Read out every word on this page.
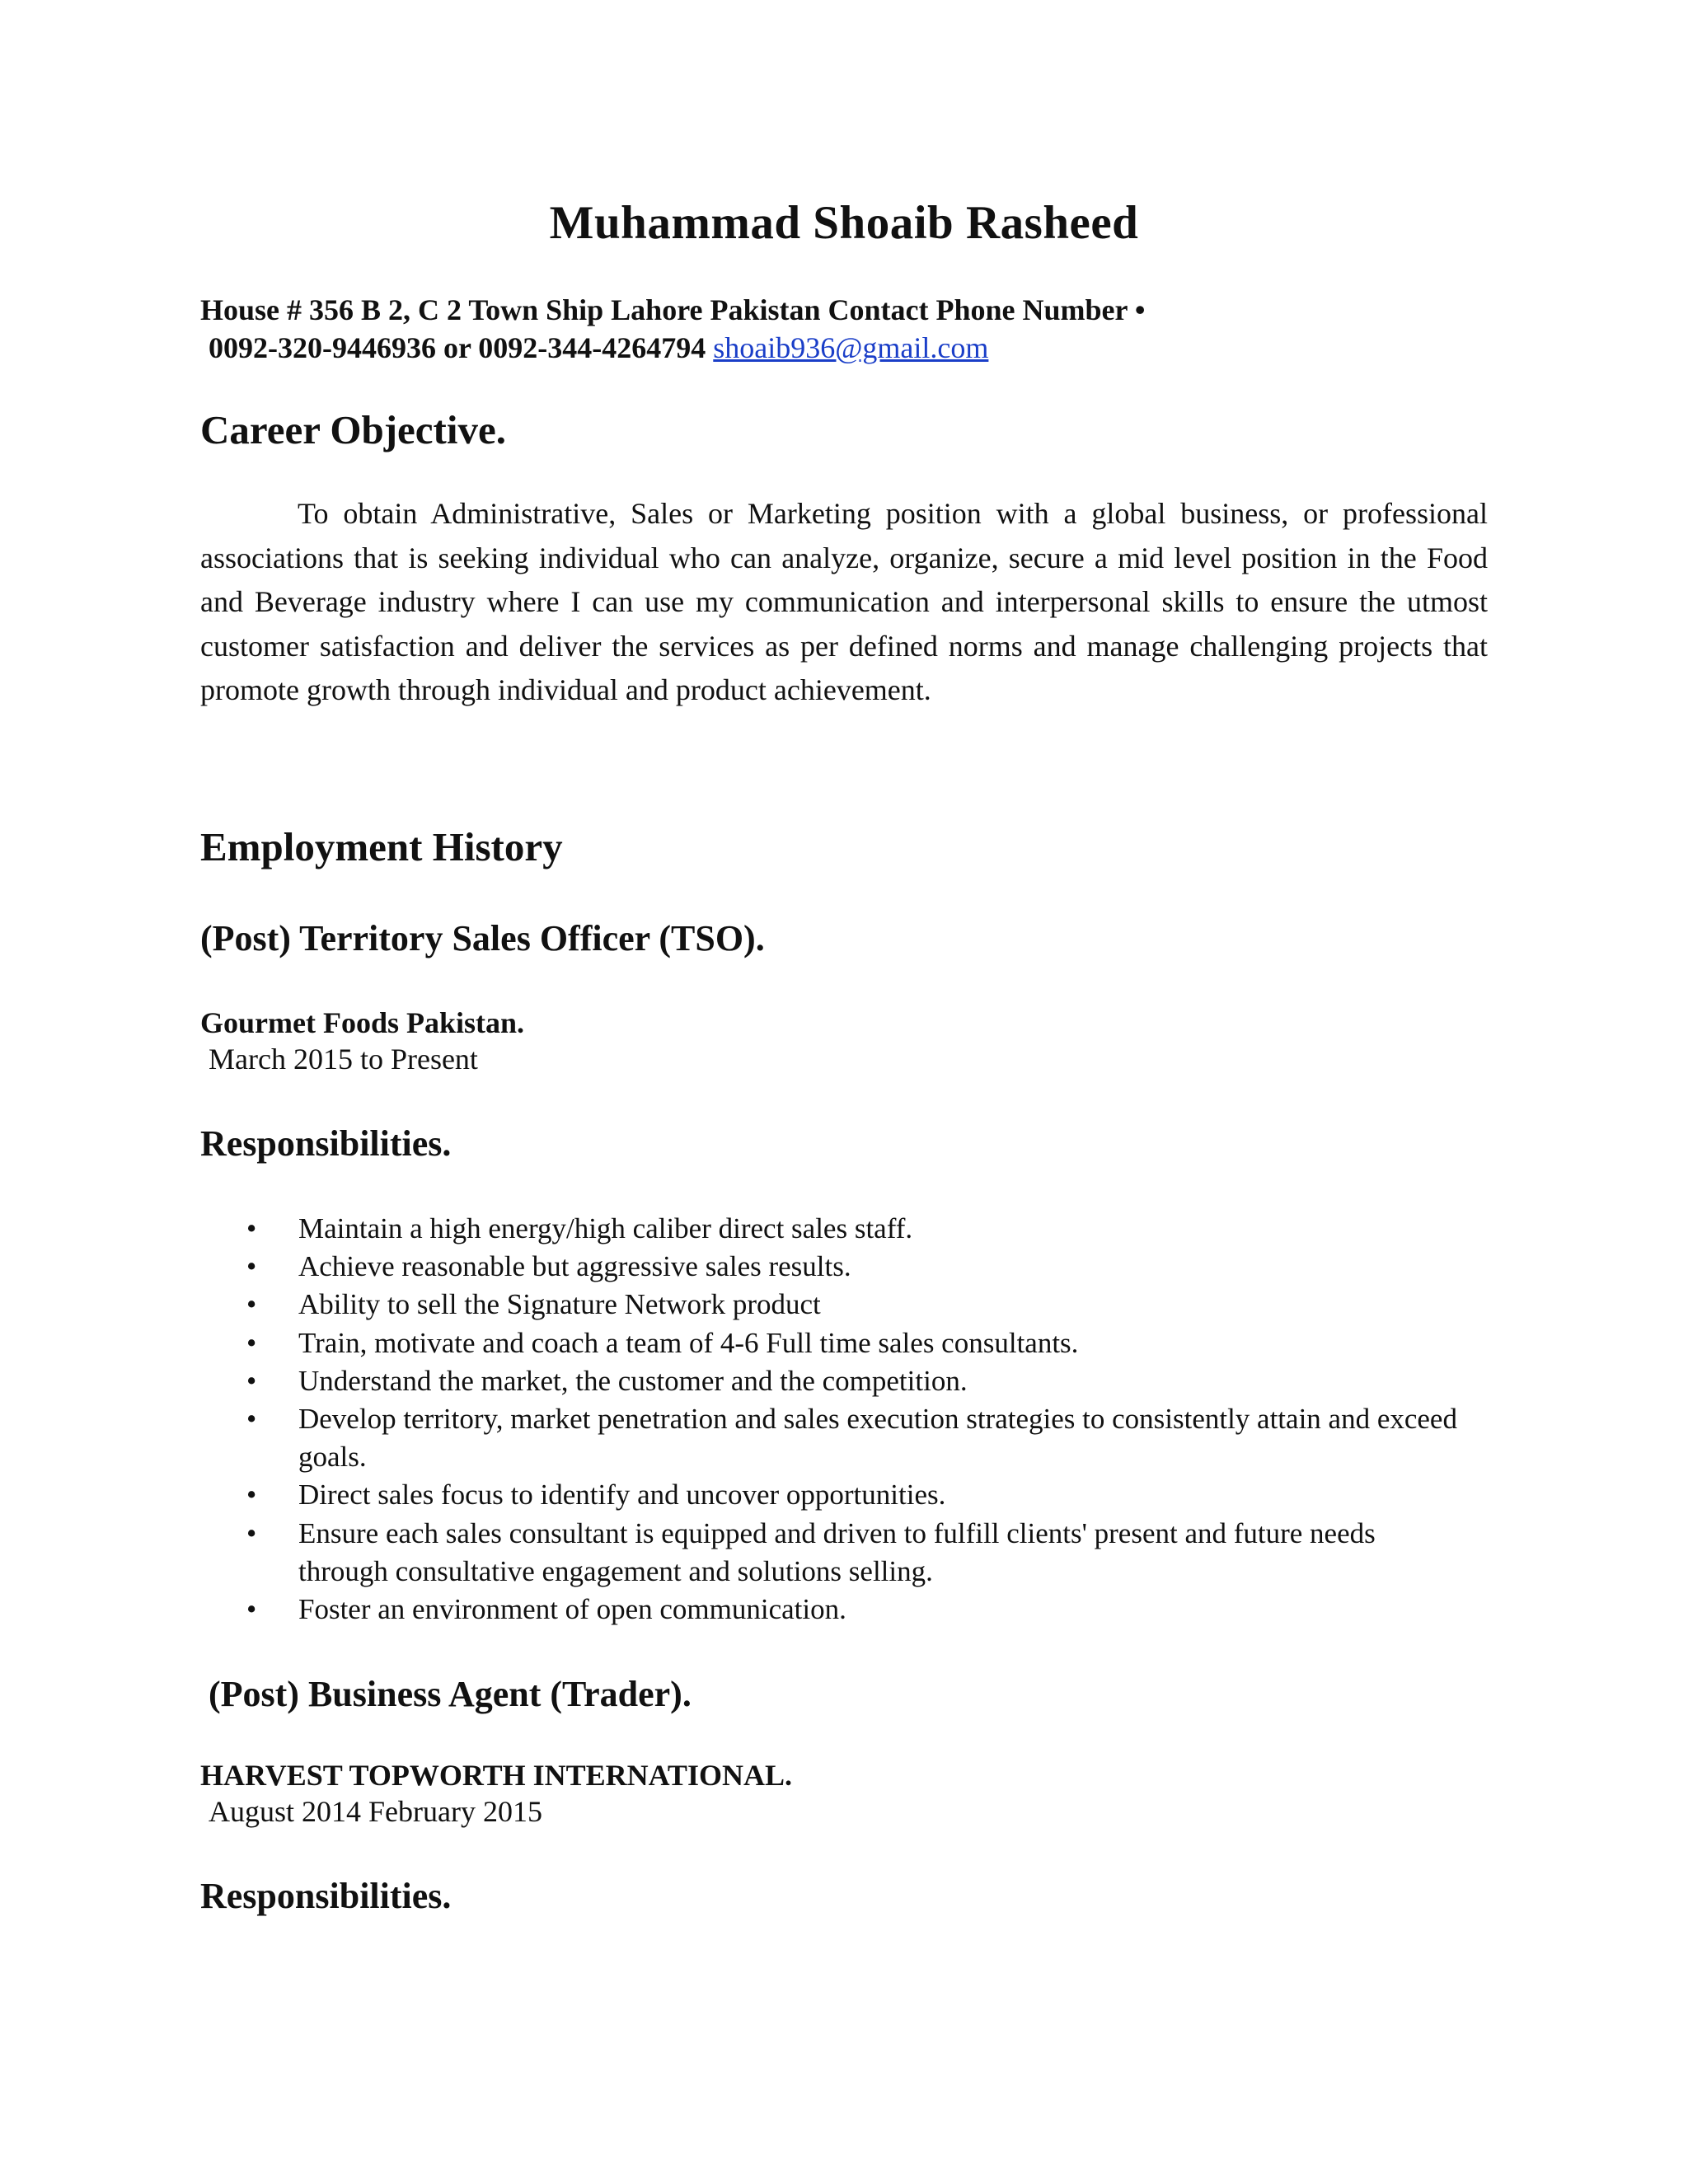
Muhammad Shoaib Rasheed
House # 356 B 2, C 2 Town Ship Lahore Pakistan Contact Phone Number •
0092-320-9446936 or 0092-344-4264794 shoaib936@gmail.com
Career Objective.

To obtain Administrative, Sales or Marketing position with a global business, or professional associations that is seeking individual who can analyze, organize, secure a mid level position in the Food and Beverage industry where I can use my communication and interpersonal skills to ensure the utmost customer satisfaction and deliver the services as per defined norms and manage challenging projects that promote growth through individual and product achievement.

Employment History
(Post) Territory Sales Officer (TSO).
Gourmet Foods Pakistan.
March 2015 to Present
Responsibilities.
• Maintain a high energy/high caliber direct sales staff.
• Achieve reasonable but aggressive sales results.
• Ability to sell the Signature Network product
• Train, motivate and coach a team of 4-6 Full time sales consultants.
• Understand the market, the customer and the competition.
• Develop territory, market penetration and sales execution strategies to consistently attain and exceed goals.
• Direct sales focus to identify and uncover opportunities.
• Ensure each sales consultant is equipped and driven to fulfill clients' present and future needs through consultative engagement and solutions selling.
• Foster an environment of open communication.
(Post) Business Agent (Trader).
HARVEST TOPWORTH INTERNATIONAL.
August 2014 February 2015
Responsibilities.
